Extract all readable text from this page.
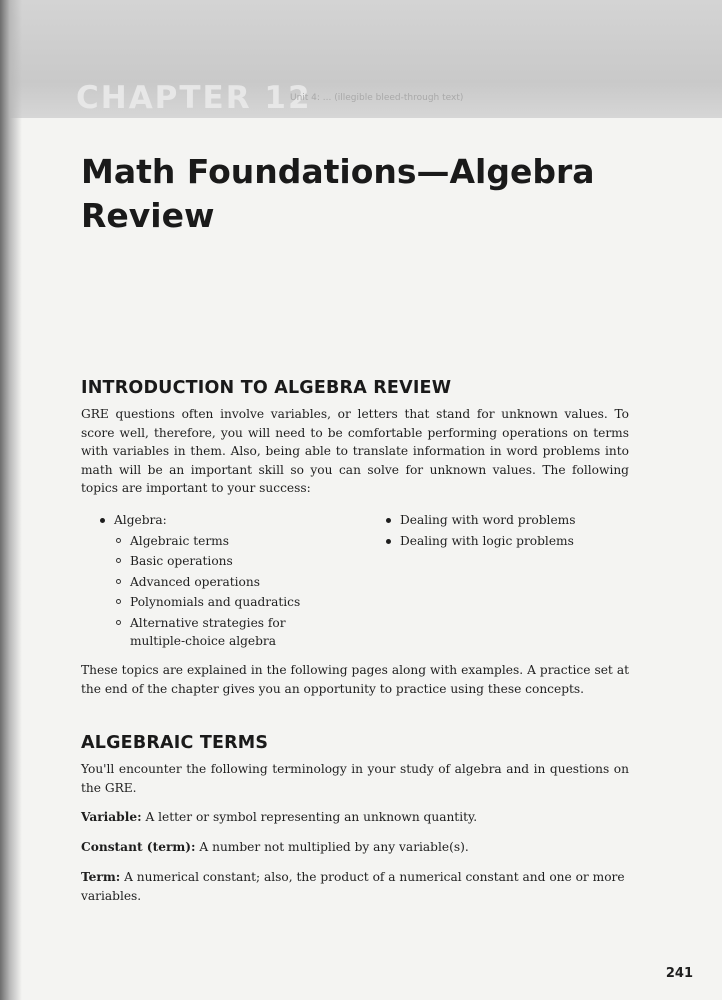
CHAPTER 12
Unit 4: ... (illegible bleed-through text)
Math Foundations—Algebra Review
INTRODUCTION TO ALGEBRA REVIEW

GRE questions often involve variables, or letters that stand for unknown values. To score well, therefore, you will need to be comfortable performing operations on terms with variables in them. Also, being able to translate information in word problems into math will be an important skill so you can solve for unknown values. The following topics are important to your success:

Algebra:
Algebraic terms
Basic operations
Advanced operations
Polynomials and quadratics
Alternative strategies for multiple-choice algebra
Dealing with word problems
Dealing with logic problems

These topics are explained in the following pages along with examples. A practice set at the end of the chapter gives you an opportunity to practice using these concepts.

ALGEBRAIC TERMS

You'll encounter the following terminology in your study of algebra and in questions on the GRE.

Variable: A letter or symbol representing an unknown quantity.

Constant (term): A number not multiplied by any variable(s).

Term: A numerical constant; also, the product of a numerical constant and one or more variables.

241
